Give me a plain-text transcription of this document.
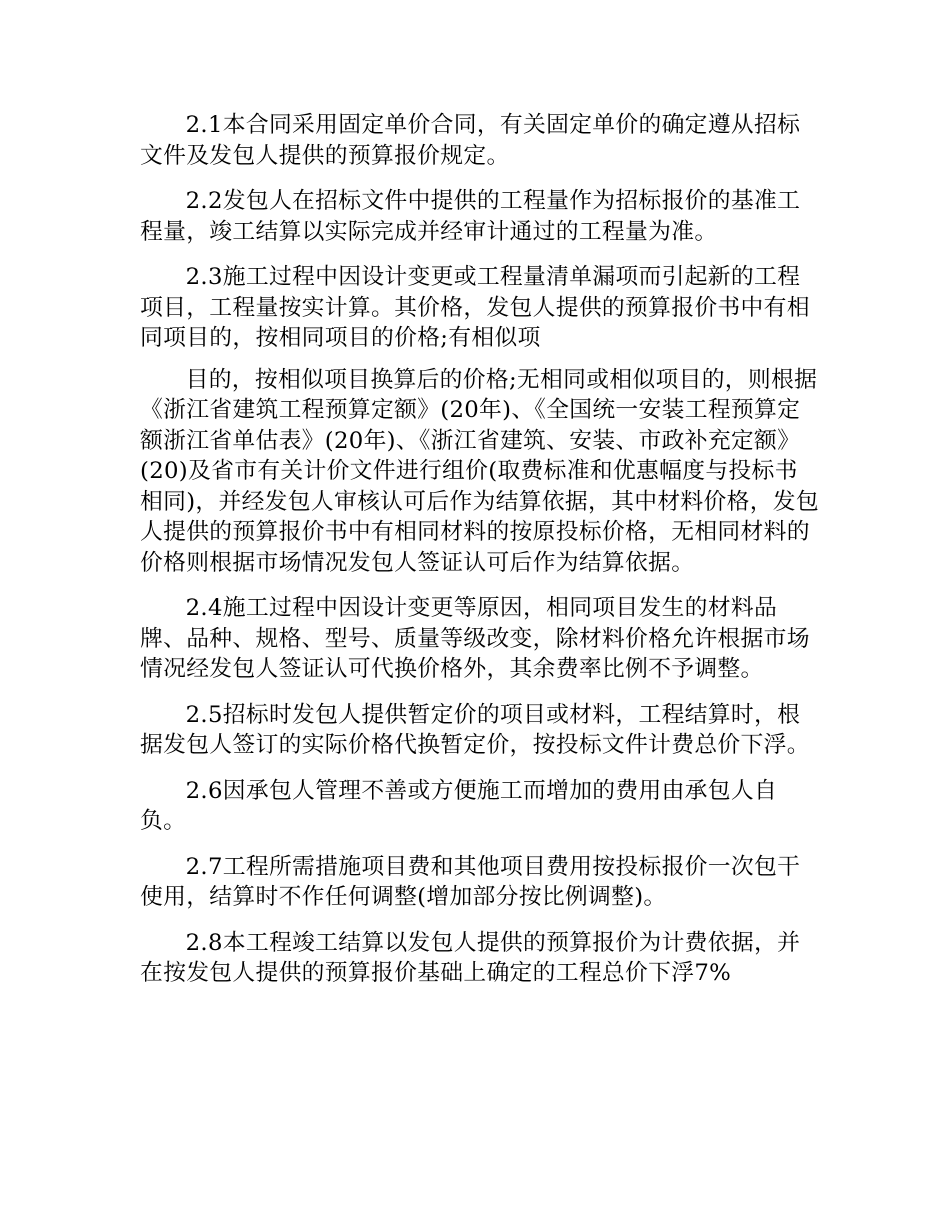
2.1本合同采用固定单价合同，有关固定单价的确定遵从招标文件及发包人提供的预算报价规定。

2.2发包人在招标文件中提供的工程量作为招标报价的基准工程量，竣工结算以实际完成并经审计通过的工程量为准。

2.3施工过程中因设计变更或工程量清单漏项而引起新的工程项目，工程量按实计算。其价格，发包人提供的预算报价书中有相同项目的，按相同项目的价格;有相似项

目的，按相似项目换算后的价格;无相同或相似项目的，则根据《浙江省建筑工程预算定额》(20年)、《全国统一安装工程预算定额浙江省单估表》(20年)、《浙江省建筑、安装、市政补充定额》(20)及省市有关计价文件进行组价(取费标准和优惠幅度与投标书相同)，并经发包人审核认可后作为结算依据，其中材料价格，发包人提供的预算报价书中有相同材料的按原投标价格，无相同材料的价格则根据市场情况发包人签证认可后作为结算依据。

2.4施工过程中因设计变更等原因，相同项目发生的材料品牌、品种、规格、型号、质量等级改变，除材料价格允许根据市场情况经发包人签证认可代换价格外，其余费率比例不予调整。

2.5招标时发包人提供暂定价的项目或材料，工程结算时，根据发包人签订的实际价格代换暂定价，按投标文件计费总价下浮。

2.6因承包人管理不善或方便施工而增加的费用由承包人自负。

2.7工程所需措施项目费和其他项目费用按投标报价一次包干使用，结算时不作任何调整(增加部分按比例调整)。

2.8本工程竣工结算以发包人提供的预算报价为计费依据，并在按发包人提供的预算报价基础上确定的工程总价下浮7%
